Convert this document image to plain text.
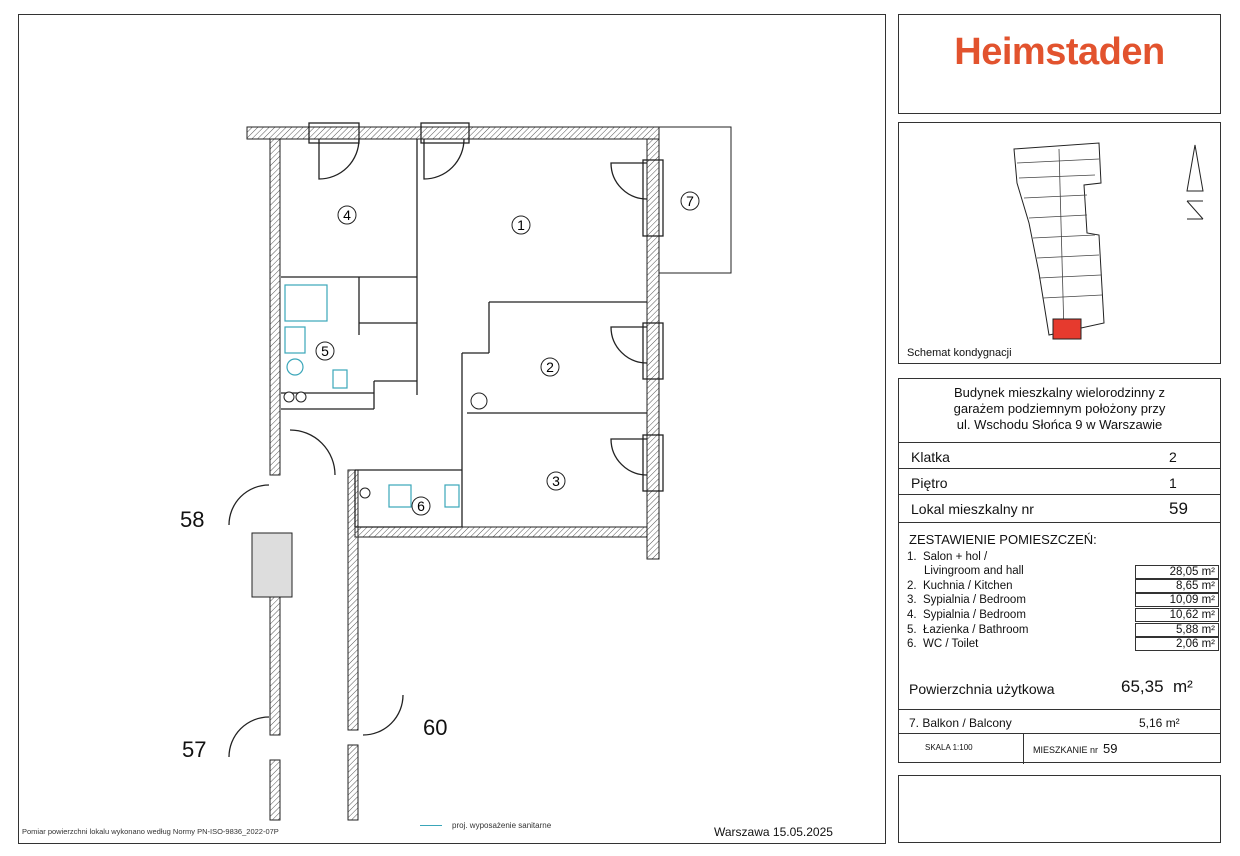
1
2
3
4
5
6
7
58
57
60
Heimstaden
Schemat kondygnacji
Budynek mieszkalny wielorodzinny z
garażem podziemnym położony przy
ul. Wschodu Słońca 9 w Warszawie
Klatka	2
Piętro	1
Lokal mieszkalny nr	59
ZESTAWIENIE POMIESZCZEŃ:
1. Salon + hol /
Livingroom and hall	28,05 m²
2. Kuchnia / Kitchen	8,65 m²
3. Sypialnia / Bedroom	10,09 m²
4. Sypialnia / Bedroom	10,62 m²
5. Łazienka / Bathroom	5,88 m²
6. WC / Toilet	2,06 m²
Powierzchnia użytkowa	65,35 m²
7. Balkon / Balcony	5,16 m²
SKALA 1:100	MIESZKANIE nr 59
Pomiar powierzchni lokalu wykonano według Normy PN-ISO-9836_2022-07P
proj. wyposażenie sanitarne	Warszawa 15.05.2025
